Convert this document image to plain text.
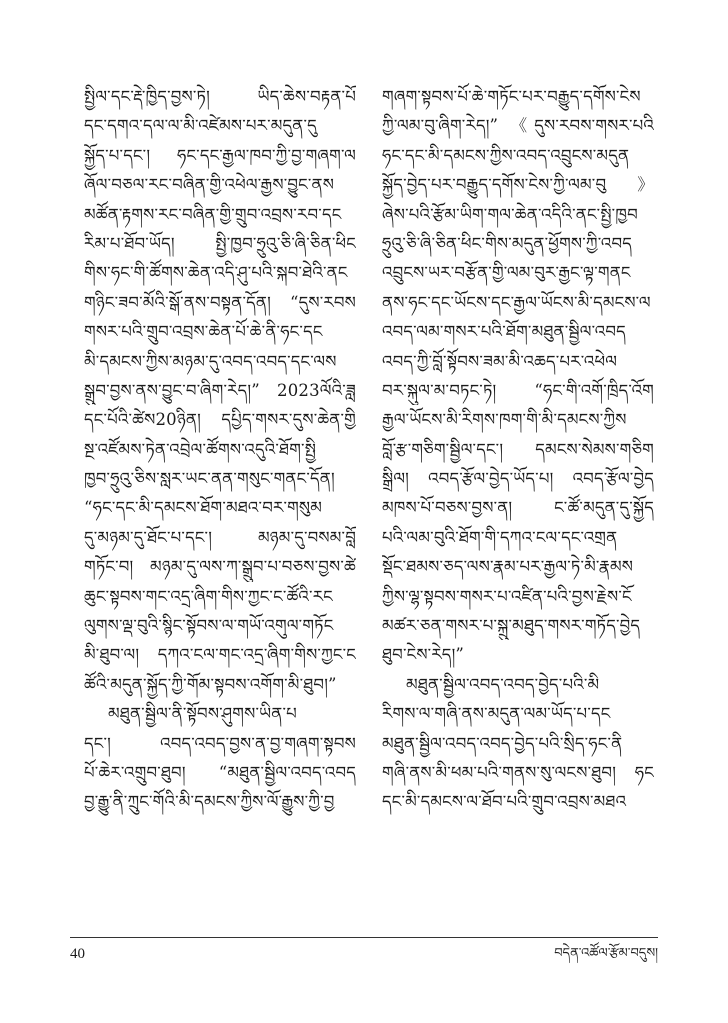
སྤྱིལ་དང་རྡེ་ཁྱིད་བྱས་ཏེ། ཡིད་ཆེས་བརྟན་པོ
དང་དགའ་དལ་ལ་མི་འཛེམས་པར་མདུན་དུ
སྐྱོད་པ་དང་། ཧང་དང་རྒྱལ་ཁབ་ཀྱི་བྱ་གཞག་ལ
ཞོལ་བཅལ་རང་བཞིན་གྱི་འཕེལ་རྒྱས་བྱུང་ནས
མཚོན་རྟགས་རང་བཞིན་གྱི་གྲུབ་འབྲས་རབ་དང
རིམ་པ་ཐོབ་ཡོད། སྤྱི་ཁྱབ་ཧྲུའུ་ཅི་ཞི་ཅིན་ཕིང
གིས་ཧང་གི་ཚོགས་ཆེན་འདི་ཤུ་པའི་སྐབ་ཐེའི་ནང
གཉིང་ཟབ་མོའི་སྒོ་ནས་བསྟན་དོན། “དུས་རབས
གསར་པའི་གྲུབ་འབྲས་ཆེན་པོ་ཆེ་ནི་ཧང་དང
མི་དམངས་ཀྱིས་མཉམ་དུ་འབད་འབད་དང་ལས
སྒྲུབ་བྱས་ནས་བྱུང་བ་ཞིག་རེད།” 2023ལོའི་ཟླ
དང་པོའི་ཚེས20ཉིན། དཔྱིད་གསར་དུས་ཆེན་གྱི
སྔ་འཛོམས་ཏེན་འབྲེལ་ཚོགས་འདུའི་ཐོག་སྤྱི
ཁྱབ་ཧྲུའུ་ཅིས་སླར་ཡང་ནན་གསུང་གནང་དོན།
“ཧང་དང་མི་དམངས་ཐོག་མཐའ་བར་གསུམ
དུ་མཉམ་དུ་ཐོང་པ་དང་། མཉམ་དུ་བསམ་བློ
གཏོང་བ། མཉམ་དུ་ལས་ཀ་སྒྲུབ་པ་བཅས་བྱས་ཚེ
ཆུང་སྟབས་གང་འདྲ་ཞིག་གིས་ཀྱང་ང་ཚོའི་རང
ལུགས་ལྡ་བུའི་སྙིང་སྟོབས་ལ་གཡོ་འགུལ་གཏོང
མི་ཐུབ་ལ། དཀའ་ངལ་གང་འདྲ་ཞིག་གིས་ཀྱང་ང
ཚོའི་མདུན་སྐྱོད་ཀྱི་གོམ་སྟབས་འགོག་མི་ཐུབ།”
མཐུན་སྦྱིལ་ནི་སྟོབས་ཤུགས་ཡིན་པ
དང་། འབད་འབད་བྱས་ན་བྱ་གཞག་སྟབས
པོ་ཆེར་འགྲུབ་ཐུབ། “མཐུན་སྦྱིལ་འབད་འབད
བྱ་རྒྱུ་ནི་ཀྲུང་གོའི་མི་དམངས་ཀྱིས་ལོ་རྒྱུས་ཀྱི་བྱ
གཞག་སྟབས་པོ་ཆེ་གཏོང་པར་བརྒྱུད་དགོས་ངེས
ཀྱི་ལམ་བུ་ཞིག་རེད།” 《དུས་རབས་གསར་པའི
ཧང་དང་མི་དམངས་ཀྱིས་འབད་འབྲུངས་མདུན
སྐྱོད་བྱེད་པར་བརྒྱུད་དགོས་ངེས་ཀྱི་ལམ་བུ》
ཞེས་པའི་རྩོམ་ཡིག་གལ་ཆེན་འདིའི་ནང་སྤྱི་ཁྱབ
ཧྲུའུ་ཅི་ཞི་ཅིན་ཕིང་གིས་མདུན་ཕྱོགས་ཀྱི་འབད
འབྲུངས་ཡར་བརྩོན་གྱི་ལམ་བུར་རྒྱང་ལྟ་གནང
ནས་ཧང་དང་ཡོངས་དང་རྒྱལ་ཡོངས་མི་དམངས་ལ
འབད་ལམ་གསར་པའི་ཐོག་མཐུན་སྦྱིལ་འབད
འབད་ཀྱི་བློ་སྟོབས་ཟམ་མི་འཆད་པར་འཕེལ
བར་སྐུལ་མ་བཏང་ཏེ། “ཧང་གི་འགོ་ཁྲིད་འོག
རྒྱལ་ཡོངས་མི་རིགས་ཁག་གི་མི་དམངས་ཀྱིས
བློ་རྩ་གཅིག་སྦྱིལ་དང་། དམངས་སེམས་གཅིག
སྒྲིལ། འབད་རྩོལ་བྱེད་ཡོད་པ། འབད་རྩོལ་བྱེད
མཁས་པོ་བཅས་བྱས་ན། ང་ཚོ་མདུན་དུ་སྐྱོད
པའི་ལམ་བུའི་ཐོག་གི་དཀའ་ངལ་དང་འགྲན
སྡོང་ཐམས་ཅད་ལས་རྣམ་པར་རྒྱལ་ཏེ་མི་རྣམས
ཀྱིས་ལྷ་སྟབས་གསར་པ་འཛིན་པའི་བྱས་རྗེས་ངོ
མཚར་ཅན་གསར་པ་སྐྲུ་མཐུད་གསར་གཏོད་བྱེད
ཐུབ་ངེས་རེད།”
མཐུན་སྦྱིལ་འབད་འབད་བྱེད་པའི་མི
རིགས་ལ་གཞི་ནས་མདུན་ལམ་ཡོད་པ་དང
མཐུན་སྦྱིལ་འབད་འབད་བྱེད་པའི་སྲིད་ཧང་ནི
གཞི་ནས་མི་ཕམ་པའི་གནས་སུ་ལངས་ཐུབ། ཧང
དང་མི་དམངས་ལ་ཐོབ་པའི་གྲུབ་འབྲས་མཐའ
40	བདེན་འཚོལ་རྩོམ་བདུས།
